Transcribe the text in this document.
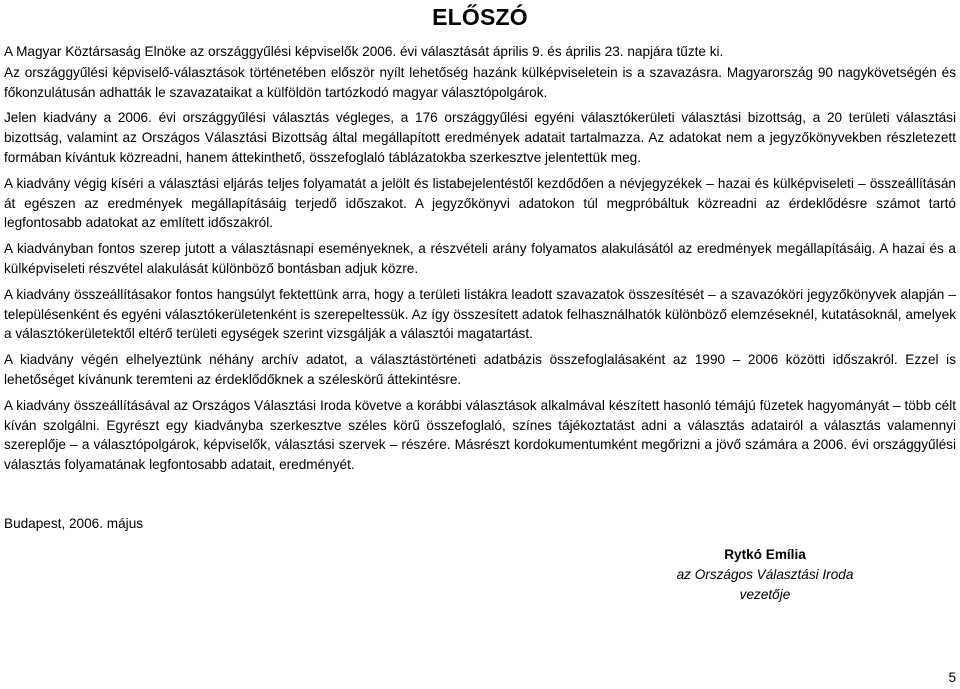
ELŐSZÓ

A Magyar Köztársaság Elnöke az országgyűlési képviselők 2006. évi választását április 9. és április 23. napjára tűzte ki.

Az országgyűlési képviselő-választások történetében először nyílt lehetőség hazánk külképviseletein is a szavazásra. Magyarország 90 nagykövetségén és főkonzulátusán adhatták le szavazataikat a külföldön tartózkodó magyar választópolgárok.

Jelen kiadvány a 2006. évi országgyűlési választás végleges, a 176 országgyűlési egyéni választókerületi választási bizottság, a 20 területi választási bizottság, valamint az Országos Választási Bizottság által megállapított eredmények adatait tartalmazza. Az adatokat nem a jegyzőkönyvekben részletezett formában kívántuk közreadni, hanem áttekinthető, összefoglaló táblázatokba szerkesztve jelentettük meg.

A kiadvány végig kíséri a választási eljárás teljes folyamatát a jelölt és listabejelentéstől kezdődően a névjegyzékek – hazai és külképviseleti – összeállításán át egészen az eredmények megállapításáig terjedő időszakot. A jegyzőkönyvi adatokon túl megpróbáltuk közreadni az érdeklődésre számot tartó legfontosabb adatokat az említett időszakról.

A kiadványban fontos szerep jutott a választásnapi eseményeknek, a részvételi arány folyamatos alakulásától az eredmények megállapításáig. A hazai és a külképviseleti részvétel alakulását különböző bontásban adjuk közre.

A kiadvány összeállításakor fontos hangsúlyt fektettünk arra, hogy a területi listákra leadott szavazatok összesítését – a szavazóköri jegyzőkönyvek alapján – településenként és egyéni választókerületenként is szerepeltessük. Az így összesített adatok felhasználhatók különböző elemzéseknél, kutatásoknál, amelyek a választókerületektől eltérő területi egységek szerint vizsgálják a választói magatartást.

A kiadvány végén elhelyeztünk néhány archív adatot, a választástörténeti adatbázis összefoglalásaként az 1990 – 2006 közötti időszakról. Ezzel is lehetőséget kívánunk teremteni az érdeklődőknek a széleskörű áttekintésre.

A kiadvány összeállításával az Országos Választási Iroda követve a korábbi választások alkalmával készített hasonló témájú füzetek hagyományát – több célt kíván szolgálni. Egyrészt egy kiadványba szerkesztve széles körű összefoglaló, színes tájékoztatást adni a választás adatairól a választás valamennyi szereplője – a választópolgárok, képviselők, választási szervek – részére. Másrészt kordokumentumként megőrizni a jövő számára a 2006. évi országgyűlési választás folyamatának legfontosabb adatait, eredményét.

Budapest, 2006. május
Rytkó Emília
az Országos Választási Iroda
vezetője
5
